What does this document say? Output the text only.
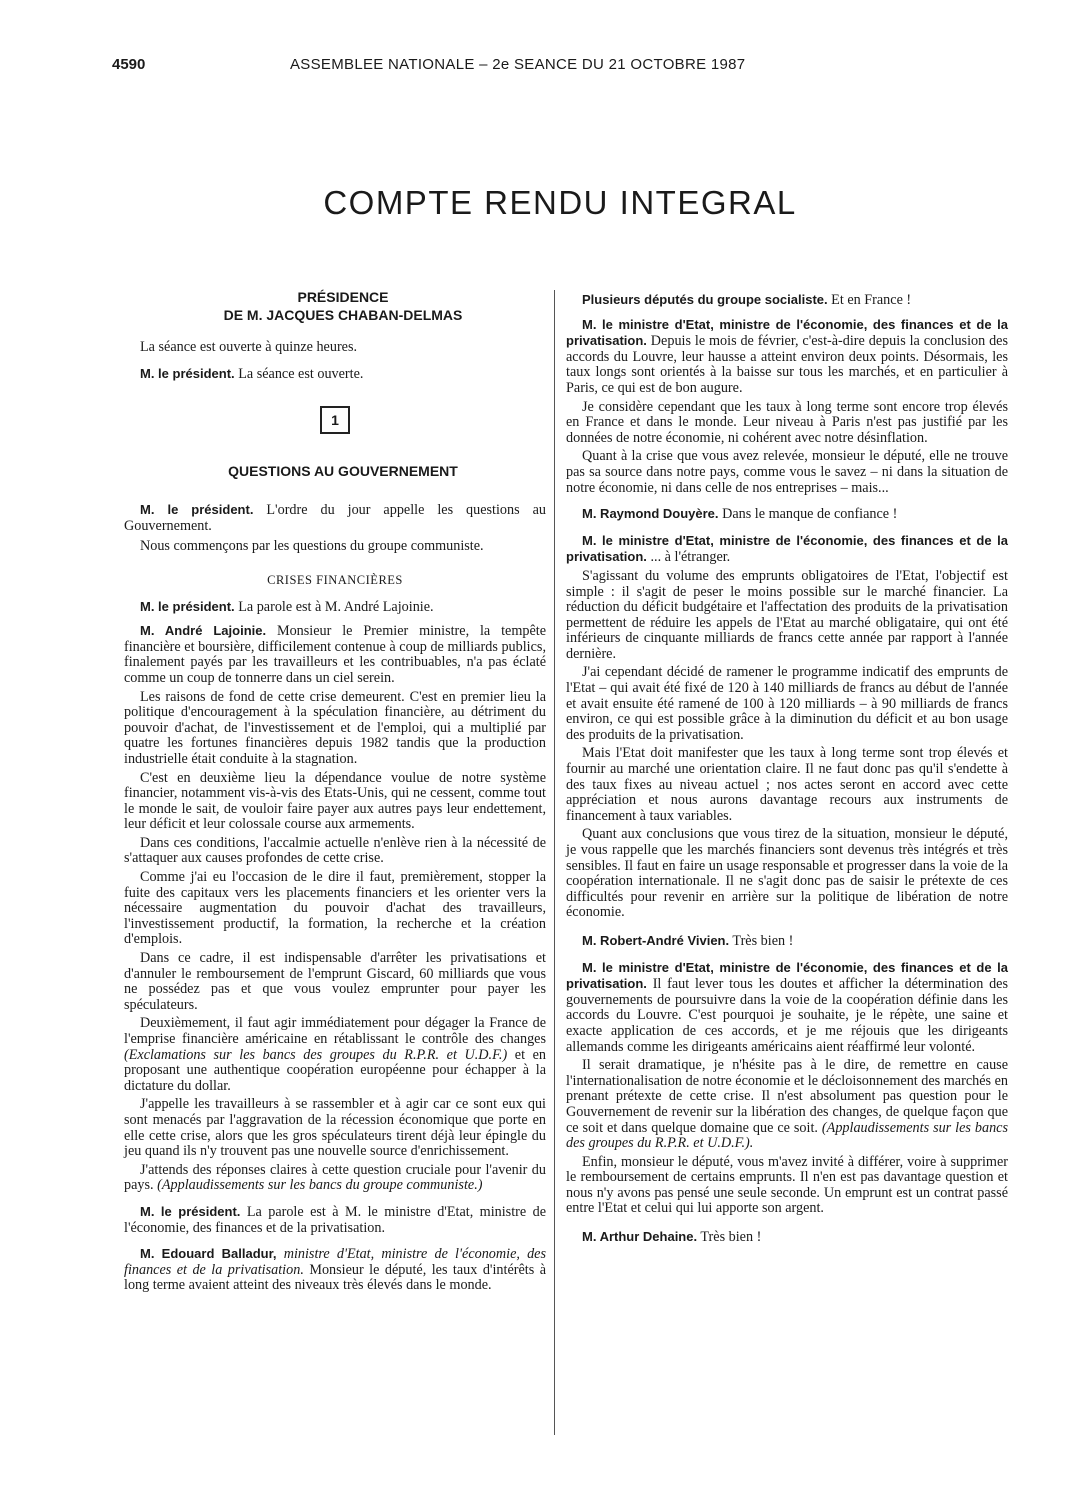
4590	ASSEMBLEE NATIONALE – 2e SEANCE DU 21 OCTOBRE 1987
COMPTE RENDU INTEGRAL

PRÉSIDENCE

DE M. JACQUES CHABAN-DELMAS

La séance est ouverte à quinze heures.

M. le président. La séance est ouverte.

1

QUESTIONS AU GOUVERNEMENT

M. le président. L'ordre du jour appelle les questions au Gouvernement.

Nous commençons par les questions du groupe communiste.

CRISES FINANCIÈRES

M. le président. La parole est à M. André Lajoinie.

M. André Lajoinie. Monsieur le Premier ministre, la tempête financière et boursière, difficilement contenue à coup de milliards publics, finalement payés par les travailleurs et les contribuables, n'a pas éclaté comme un coup de tonnerre dans un ciel serein.

Les raisons de fond de cette crise demeurent. C'est en premier lieu la politique d'encouragement à la spéculation financière, au détriment du pouvoir d'achat, de l'investissement et de l'emploi, qui a multiplié par quatre les fortunes financières depuis 1982 tandis que la production industrielle était conduite à la stagnation.

C'est en deuxième lieu la dépendance voulue de notre système financier, notamment vis-à-vis des Etats-Unis, qui ne cessent, comme tout le monde le sait, de vouloir faire payer aux autres pays leur endettement, leur déficit et leur colossale course aux armements.

Dans ces conditions, l'accalmie actuelle n'enlève rien à la nécessité de s'attaquer aux causes profondes de cette crise.

Comme j'ai eu l'occasion de le dire il faut, premièrement, stopper la fuite des capitaux vers les placements financiers et les orienter vers la nécessaire augmentation du pouvoir d'achat des travailleurs, l'investissement productif, la formation, la recherche et la création d'emplois.

Dans ce cadre, il est indispensable d'arrêter les privatisations et d'annuler le remboursement de l'emprunt Giscard, 60 milliards que vous ne possédez pas et que vous voulez emprunter pour payer les spéculateurs.

Deuxièmement, il faut agir immédiatement pour dégager la France de l'emprise financière américaine en rétablissant le contrôle des changes (Exclamations sur les bancs des groupes du R.P.R. et U.D.F.) et en proposant une authentique coopération européenne pour échapper à la dictature du dollar.

J'appelle les travailleurs à se rassembler et à agir car ce sont eux qui sont menacés par l'aggravation de la récession économique que porte en elle cette crise, alors que les gros spéculateurs tirent déjà leur épingle du jeu quand ils n'y trouvent pas une nouvelle source d'enrichissement.

J'attends des réponses claires à cette question cruciale pour l'avenir du pays. (Applaudissements sur les bancs du groupe communiste.)

M. le président. La parole est à M. le ministre d'Etat, ministre de l'économie, des finances et de la privatisation.

M. Edouard Balladur, ministre d'Etat, ministre de l'économie, des finances et de la privatisation. Monsieur le député, les taux d'intérêts à long terme avaient atteint des niveaux très élevés dans le monde.

Plusieurs députés du groupe socialiste. Et en France !

M. le ministre d'Etat, ministre de l'économie, des finances et de la privatisation. Depuis le mois de février, c'est-à-dire depuis la conclusion des accords du Louvre, leur hausse a atteint environ deux points. Désormais, les taux longs sont orientés à la baisse sur tous les marchés, et en particulier à Paris, ce qui est de bon augure.

Je considère cependant que les taux à long terme sont encore trop élevés en France et dans le monde. Leur niveau à Paris n'est pas justifié par les données de notre économie, ni cohérent avec notre désinflation.

Quant à la crise que vous avez relevée, monsieur le député, elle ne trouve pas sa source dans notre pays, comme vous le savez – ni dans la situation de notre économie, ni dans celle de nos entreprises – mais...

M. Raymond Douyère. Dans le manque de confiance !

M. le ministre d'Etat, ministre de l'économie, des finances et de la privatisation. ... à l'étranger.

S'agissant du volume des emprunts obligatoires de l'Etat, l'objectif est simple : il s'agit de peser le moins possible sur le marché financier. La réduction du déficit budgétaire et l'affectation des produits de la privatisation permettent de réduire les appels de l'Etat au marché obligataire, qui ont été inférieurs de cinquante milliards de francs cette année par rapport à l'année dernière.

J'ai cependant décidé de ramener le programme indicatif des emprunts de l'Etat – qui avait été fixé de 120 à 140 milliards de francs au début de l'année et avait ensuite été ramené de 100 à 120 milliards – à 90 milliards de francs environ, ce qui est possible grâce à la diminution du déficit et au bon usage des produits de la privatisation.

Mais l'Etat doit manifester que les taux à long terme sont trop élevés et fournir au marché une orientation claire. Il ne faut donc pas qu'il s'endette à des taux fixes au niveau actuel ; nos actes seront en accord avec cette appréciation et nous aurons davantage recours aux instruments de financement à taux variables.

Quant aux conclusions que vous tirez de la situation, monsieur le député, je vous rappelle que les marchés financiers sont devenus très intégrés et très sensibles. Il faut en faire un usage responsable et progresser dans la voie de la coopération internationale. Il ne s'agit donc pas de saisir le prétexte de ces difficultés pour revenir en arrière sur la politique de libération de notre économie.

M. Robert-André Vivien. Très bien !

M. le ministre d'Etat, ministre de l'économie, des finances et de la privatisation. Il faut lever tous les doutes et afficher la détermination des gouvernements de poursuivre dans la voie de la coopération définie dans les accords du Louvre. C'est pourquoi je souhaite, je le répète, une saine et exacte application de ces accords, et je me réjouis que les dirigeants allemands comme les dirigeants américains aient réaffirmé leur volonté.

Il serait dramatique, je n'hésite pas à le dire, de remettre en cause l'internationalisation de notre économie et le décloisonnement des marchés en prenant prétexte de cette crise. Il n'est absolument pas question pour le Gouvernement de revenir sur la libération des changes, de quelque façon que ce soit et dans quelque domaine que ce soit. (Applaudissements sur les bancs des groupes du R.P.R. et U.D.F.).

Enfin, monsieur le député, vous m'avez invité à différer, voire à supprimer le remboursement de certains emprunts. Il n'en est pas davantage question et nous n'y avons pas pensé une seule seconde. Un emprunt est un contrat passé entre l'Etat et celui qui lui apporte son argent.

M. Arthur Dehaine. Très bien !
